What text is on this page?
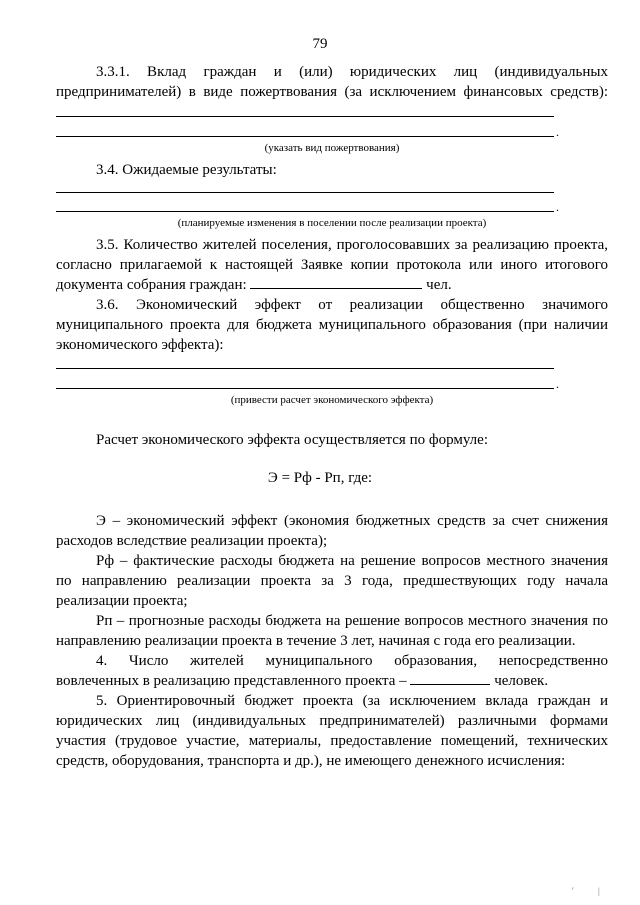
79
3.3.1. Вклад граждан и (или) юридических лиц (индивидуальных
предпринимателей) в виде пожертвования (за исключением финансовых средств):
.
(указать вид пожертвования)
3.4. Ожидаемые результаты:
.
(планируемые изменения в поселении после реализации проекта)
3.5. Количество жителей поселения, проголосовавших за реализацию проекта,
согласно прилагаемой к настоящей Заявке копии протокола или иного итогового
документа собрания граждан:	чел.
3.6. Экономический эффект от реализации общественно значимого
муниципального проекта для бюджета муниципального образования (при наличии
экономического эффекта):
.
(привести расчет экономического эффекта)
Расчет экономического эффекта осуществляется по формуле:
Э = Рф - Рп, где:
Э – экономический эффект (экономия бюджетных средств за счет снижения
расходов вследствие реализации проекта);
Рф – фактические расходы бюджета на решение вопросов местного значения
по направлению реализации проекта за 3 года, предшествующих году начала
реализации проекта;
Рп – прогнозные расходы бюджета на решение вопросов местного значения по
направлению реализации проекта в течение 3 лет, начиная с года его реализации.
4. Число жителей муниципального образования, непосредственно
вовлеченных в реализацию представленного проекта –	человек.
5. Ориентировочный бюджет проекта (за исключением вклада граждан и
юридических лиц (индивидуальных предпринимателей) различными формами
участия (трудовое участие, материалы, предоставление помещений, технических
средств, оборудования, транспорта и др.), не имеющего денежного исчисления:
'	|
